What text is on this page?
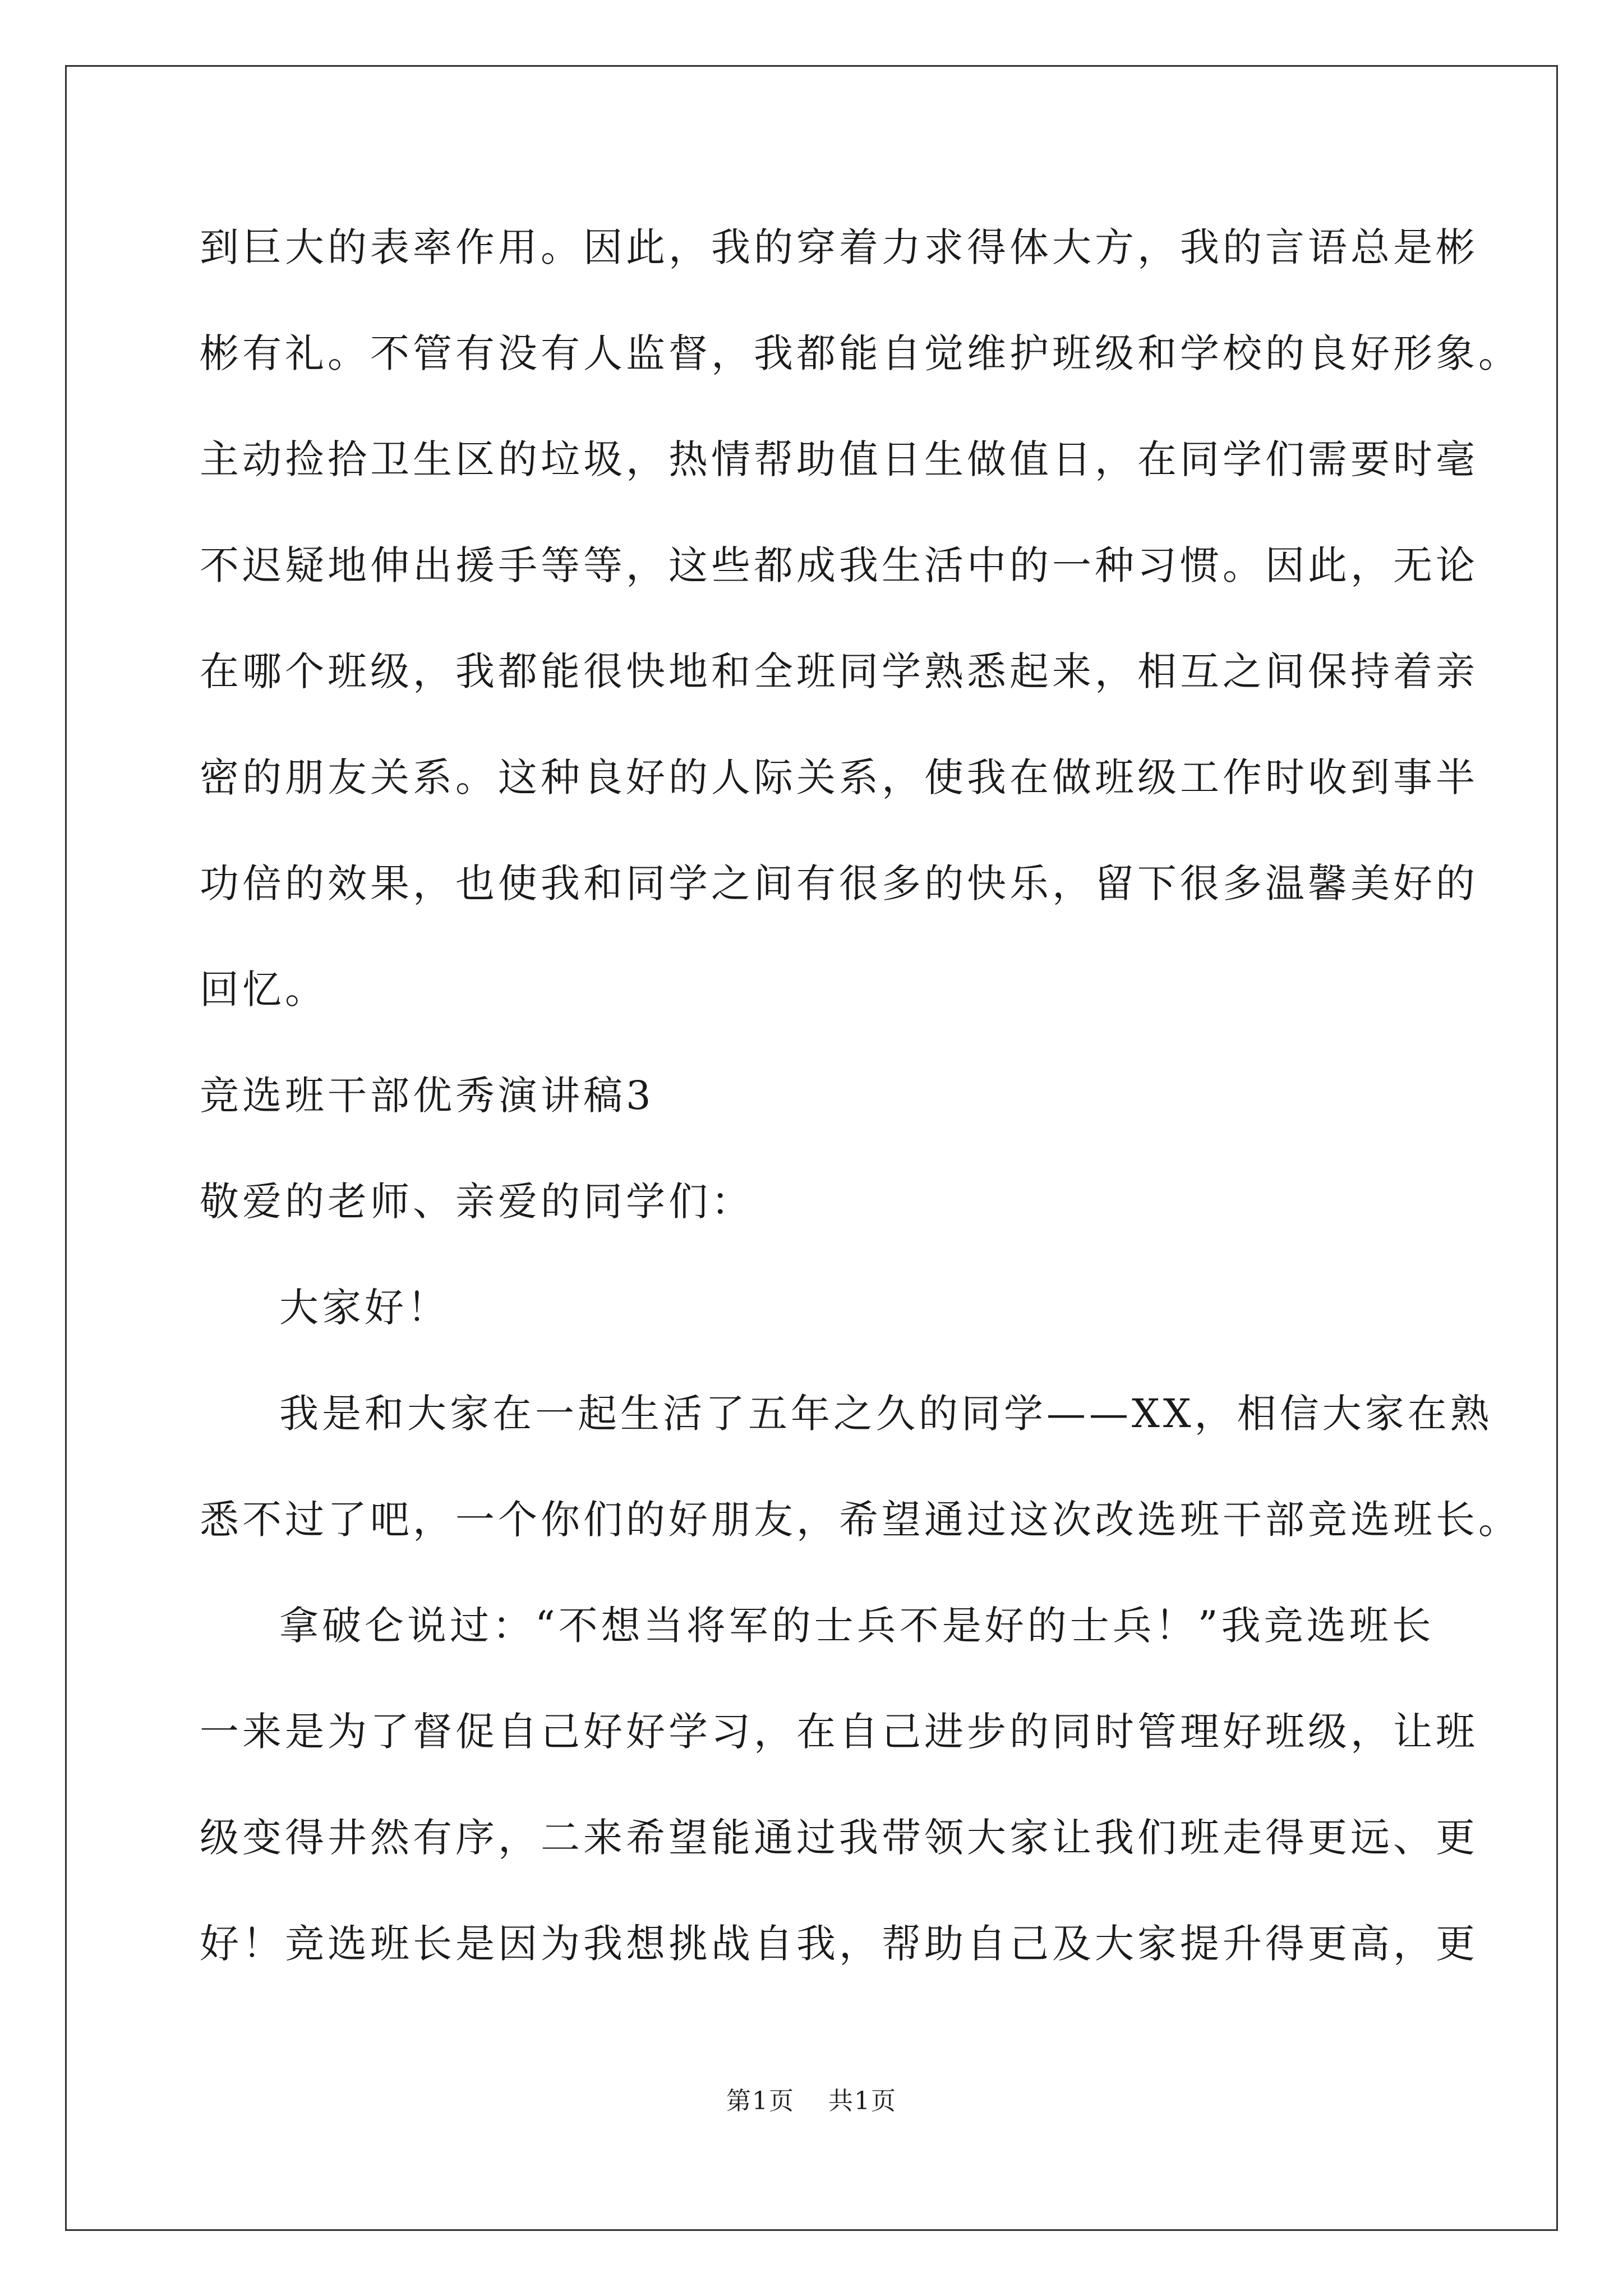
到巨大的表率作用。因此，我的穿着力求得体大方，我的言语总是彬
彬有礼。不管有没有人监督，我都能自觉维护班级和学校的良好形象。
主动捡拾卫生区的垃圾，热情帮助值日生做值日，在同学们需要时毫
不迟疑地伸出援手等等，这些都成我生活中的一种习惯。因此，无论
在哪个班级，我都能很快地和全班同学熟悉起来，相互之间保持着亲
密的朋友关系。这种良好的人际关系，使我在做班级工作时收到事半
功倍的效果，也使我和同学之间有很多的快乐，留下很多温馨美好的
回忆。
竞选班干部优秀演讲稿3
敬爱的老师、亲爱的同学们：
大家好！
我是和大家在一起生活了五年之久的同学——XX，相信大家在熟
悉不过了吧，一个你们的好朋友，希望通过这次改选班干部竞选班长。
拿破仑说过：“不想当将军的士兵不是好的士兵！”我竞选班长
一来是为了督促自己好好学习，在自己进步的同时管理好班级，让班
级变得井然有序，二来希望能通过我带领大家让我们班走得更远、更
好！竞选班长是因为我想挑战自我，帮助自己及大家提升得更高，更
第1页 共1页
